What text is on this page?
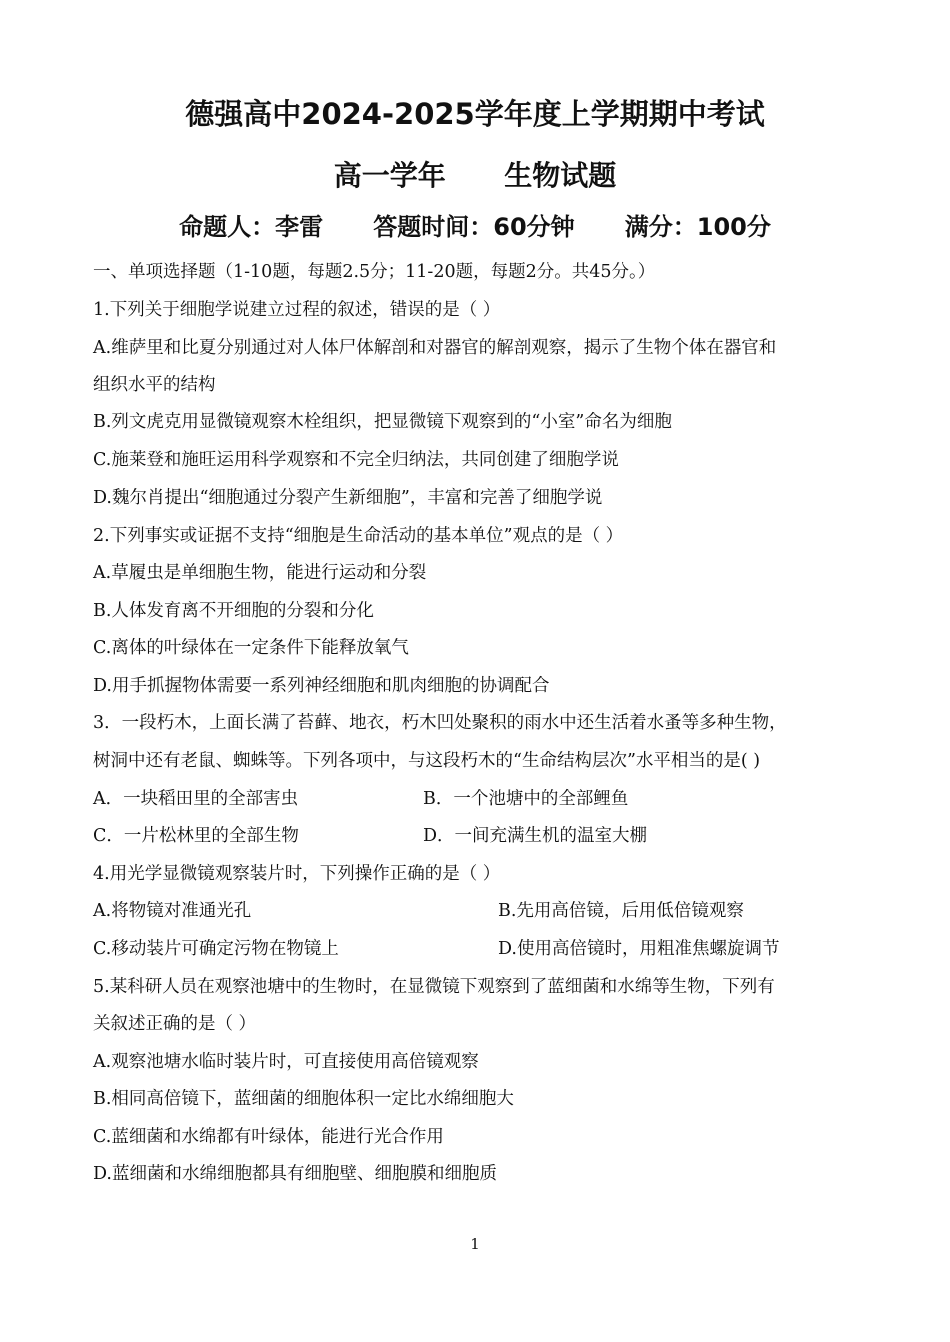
德强高中2024-2025学年度上学期期中考试
高一学年      生物试题
命题人：李雷      答题时间：60分钟      满分：100分
一、单项选择题（1-10题，每题2.5分；11-20题，每题2分。共45分。）
1.下列关于细胞学说建立过程的叙述，错误的是（ ）
A.维萨里和比夏分别通过对人体尸体解剖和对器官的解剖观察，揭示了生物个体在器官和
组织水平的结构
B.列文虎克用显微镜观察木栓组织，把显微镜下观察到的“小室”命名为细胞
C.施莱登和施旺运用科学观察和不完全归纳法，共同创建了细胞学说
D.魏尔肖提出“细胞通过分裂产生新细胞”，丰富和完善了细胞学说
2.下列事实或证据不支持“细胞是生命活动的基本单位”观点的是（ ）
A.草履虫是单细胞生物，能进行运动和分裂
B.人体发育离不开细胞的分裂和分化
C.离体的叶绿体在一定条件下能释放氧气
D.用手抓握物体需要一系列神经细胞和肌肉细胞的协调配合
3．一段朽木，上面长满了苔藓、地衣，朽木凹处聚积的雨水中还生活着水蚤等多种生物，
树洞中还有老鼠、蜘蛛等。下列各项中，与这段朽木的“生命结构层次”水平相当的是( )
A．一块稻田里的全部害虫	B．一个池塘中的全部鲤鱼
C．一片松林里的全部生物	D．一间充满生机的温室大棚
4.用光学显微镜观察装片时，下列操作正确的是（ ）
A.将物镜对准通光孔	B.先用高倍镜，后用低倍镜观察
C.移动装片可确定污物在物镜上	D.使用高倍镜时，用粗准焦螺旋调节
5.某科研人员在观察池塘中的生物时，在显微镜下观察到了蓝细菌和水绵等生物，下列有
关叙述正确的是（ ）
A.观察池塘水临时装片时，可直接使用高倍镜观察
B.相同高倍镜下，蓝细菌的细胞体积一定比水绵细胞大
C.蓝细菌和水绵都有叶绿体，能进行光合作用
D.蓝细菌和水绵细胞都具有细胞壁、细胞膜和细胞质
1
